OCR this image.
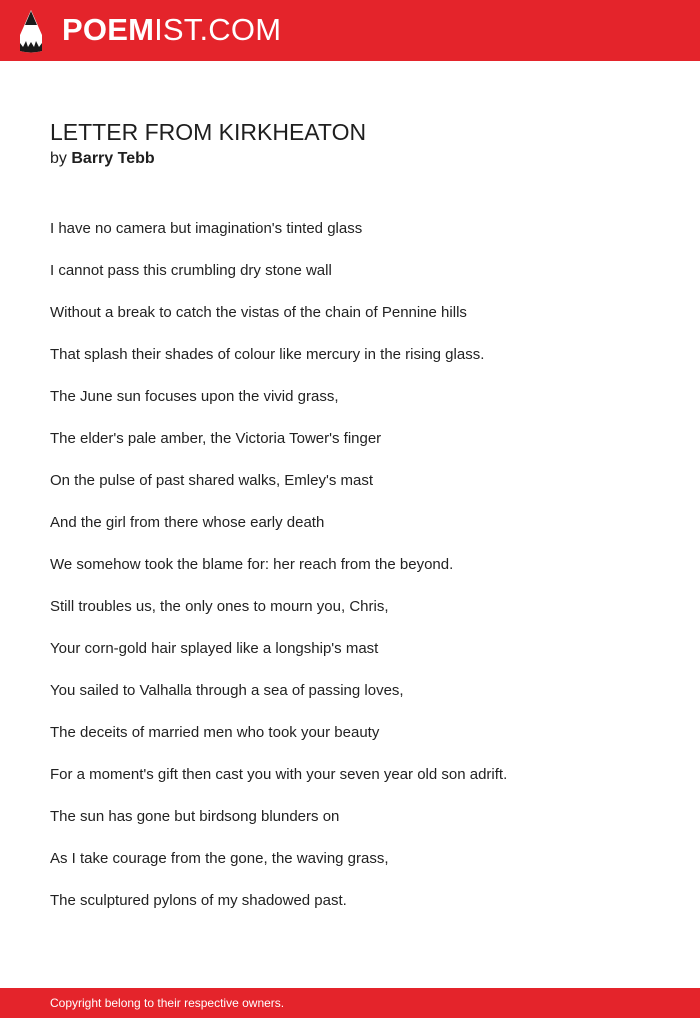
POEMIST.COM
LETTER FROM KIRKHEATON
by Barry Tebb
I have no camera but imagination's tinted glass
I cannot pass this crumbling dry stone wall
Without a break to catch the vistas of the chain of Pennine hills
That splash their shades of colour like mercury in the rising glass.
The June sun focuses upon the vivid grass,
The elder's pale amber, the Victoria Tower's finger
On the pulse of past shared walks, Emley's mast
And the girl from there whose early death
We somehow took the blame for: her reach from the beyond.
Still troubles us, the only ones to mourn you, Chris,
Your corn-gold hair splayed like a longship's mast
You sailed to Valhalla through a sea of passing loves,
The deceits of married men who took your beauty
For a moment's gift then cast you with your seven year old son adrift.
The sun has gone but birdsong blunders on
As I take courage from the gone, the waving grass,
The sculptured pylons of my shadowed past.
Copyright belong to their respective owners.
